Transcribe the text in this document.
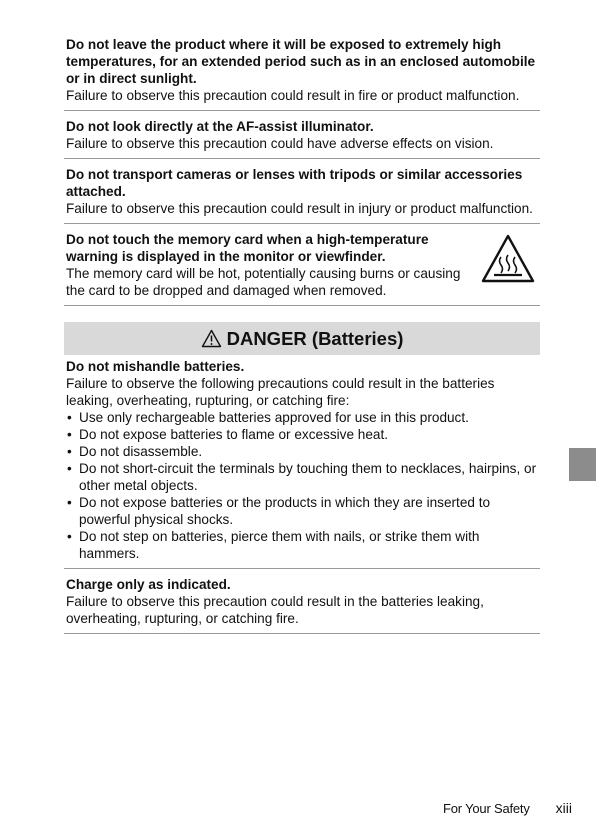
Do not leave the product where it will be exposed to extremely high temperatures, for an extended period such as in an enclosed automobile or in direct sunlight.

Failure to observe this precaution could result in fire or product malfunction.

Do not look directly at the AF-assist illuminator.

Failure to observe this precaution could have adverse effects on vision.

Do not transport cameras or lenses with tripods or similar accessories attached.

Failure to observe this precaution could result in injury or product malfunction.

Do not touch the memory card when a high-temperature warning is displayed in the monitor or viewfinder.

The memory card will be hot, potentially causing burns or causing the card to be dropped and damaged when removed.

DANGER (Batteries)

Do not mishandle batteries.

Failure to observe the following precautions could result in the batteries leaking, overheating, rupturing, or catching fire:

• Use only rechargeable batteries approved for use in this product.
• Do not expose batteries to flame or excessive heat.
• Do not disassemble.
• Do not short-circuit the terminals by touching them to necklaces, hairpins, or other metal objects.
• Do not expose batteries or the products in which they are inserted to powerful physical shocks.
• Do not step on batteries, pierce them with nails, or strike them with hammers.

Charge only as indicated.

Failure to observe this precaution could result in the batteries leaking, overheating, rupturing, or catching fire.

For Your Safety xiii
